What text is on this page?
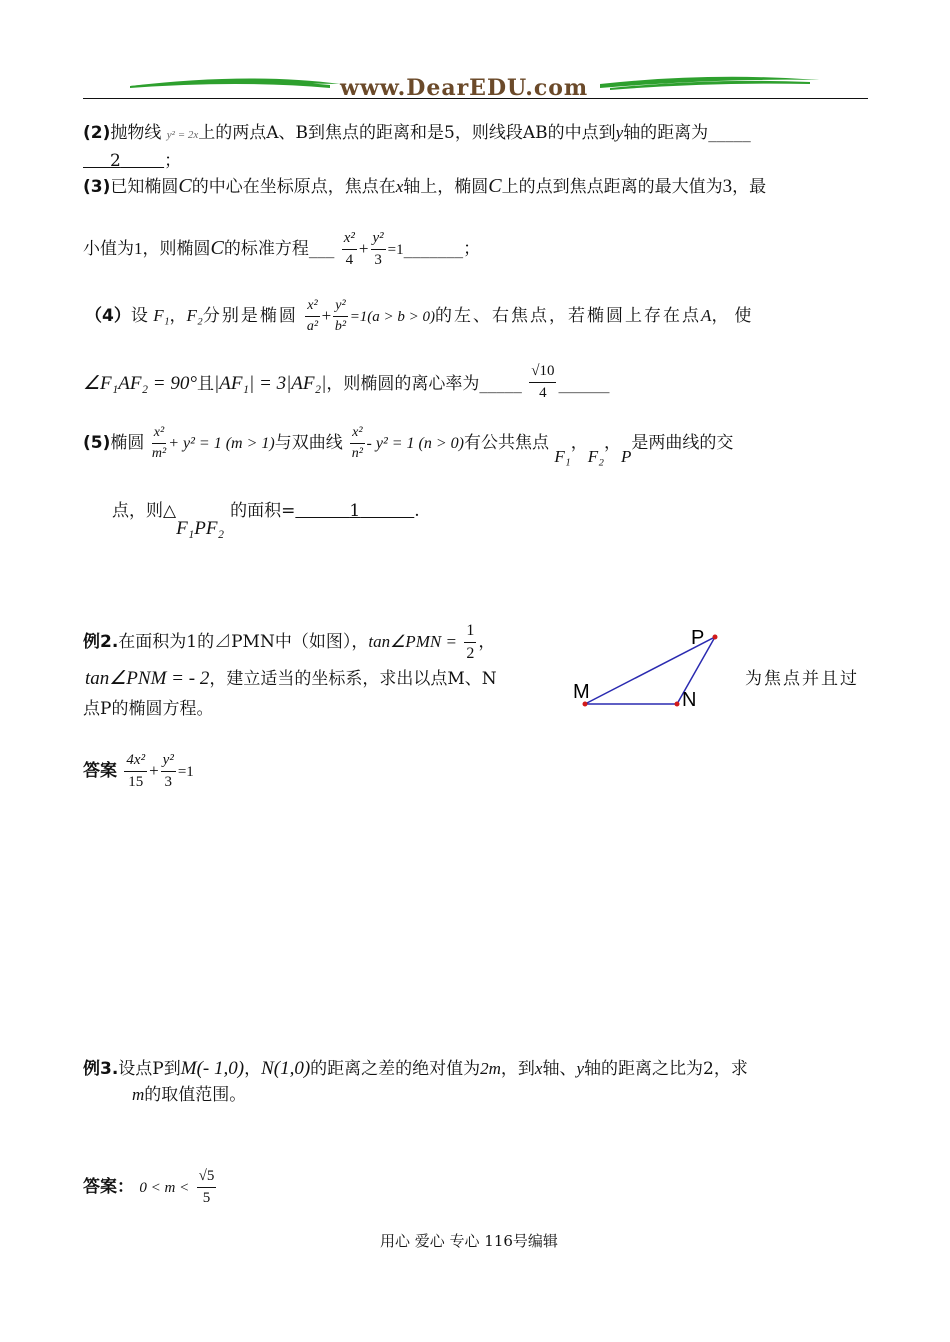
www.DearEDU.com
(2)抛物线 y² = 2x上的两点A、B到焦点的距离和是5，则线段AB的中点到y轴的距离为_____
2	；
(3)已知椭圆C的中心在坐标原点，焦点在x轴上，椭圆C上的点到焦点距离的最大值为3，最
小值为1，则椭圆C的标准方程___ $\frac{\text{x²}}{4} + \frac{\text{y²}}{3}$ =1_______；
（4）设 F₁，F₂分别是椭圆 $\frac{\text{x²}}{\text{a²}} + \frac{\text{y²}}{\text{b²}} =1(a > b > 0)$的左、右焦点，若椭圆上存在点A，使
∠F₁AF₂ = 90°且|AF₁| = 3|AF₂|，则椭圆的离心率为_____ $\frac{√10}{4}$ ______
(5)椭圆 $\frac{\text{x²}}{\text{m²}} + y^2 = 1$ (m > 1)与双曲线 $\frac{\text{x²}}{\text{n²}} - y^2 = 1$ (n > 0)有公共焦点 F₁，F₂，P是两曲线的交
点，则△F₁PF₂的面积=	1	.
例2.在面积为1的⊿PMN中（如图），tan∠PMN = $\frac{1}{2}$ ，
tan∠PNM = - 2，建立适当的坐标系，求出以点M、N	为焦点并且过
点P的椭圆方程。
P
M	N
答案 $\frac{\text{4x²}}{15} + \frac{\text{y²}}{3} =1$
例3.设点P到M(- 1,0)，N(1,0)的距离之差的绝对值为2m，到x轴、y轴的距离之比为2，求
m的取值范围。
答案： $0 < m < \frac{√5}{5}$
用心 爱心 专心 116号编辑
